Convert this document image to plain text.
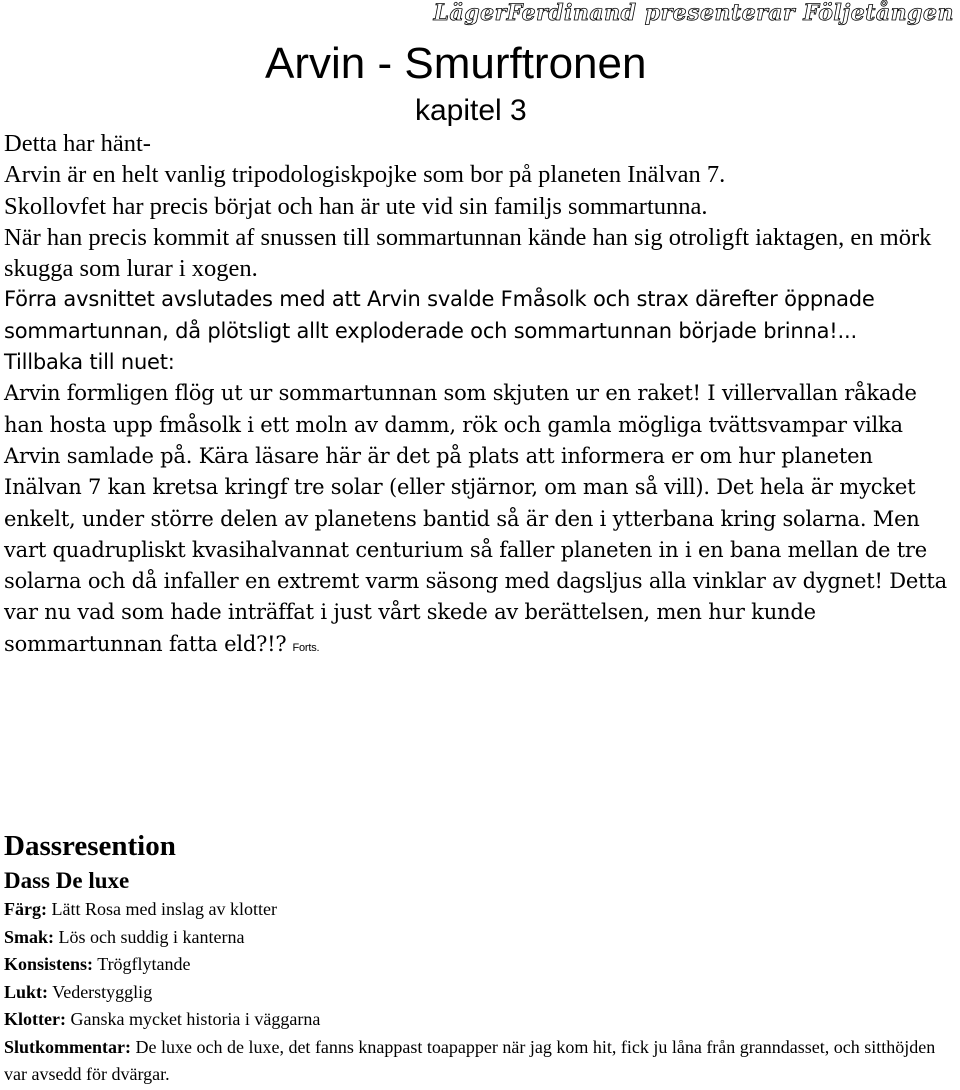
LägerFerdinand presenterar Följetången
Arvin - Smurftronen
kapitel 3

Detta har hänt-

Arvin är en helt vanlig tripodologiskpojke som bor på planeten Inälvan 7.

Skollovfet har precis börjat och han är ute vid sin familjs sommartunna.

När han precis kommit af snussen till sommartunnan kände han sig otroligft iaktagen, en mörk skugga som lurar i xogen.

Förra avsnittet avslutades med att Arvin svalde Fmåsolk och strax därefter öppnade sommartunnan, då plötsligt allt exploderade och sommartunnan började brinna!...

Tillbaka till nuet:

Arvin formligen flög ut ur sommartunnan som skjuten ur en raket! I villervallan råkade han hosta upp fmåsolk i ett moln av damm, rök och gamla mögliga tvättsvampar vilka Arvin samlade på. Kära läsare här är det på plats att informera er om hur planeten Inälvan 7 kan kretsa kringf tre solar (eller stjärnor, om man så vill). Det hela är mycket enkelt, under större delen av planetens bantid så är den i ytterbana kring solarna. Men vart quadrupliskt kvasihalvannat centurium så faller planeten in i en bana mellan de tre solarna och då infaller en extremt varm säsong med dagsljus alla vinklar av dygnet! Detta var nu vad som hade inträffat i just vårt skede av berättelsen, men hur kunde sommartunnan fatta eld?!? Forts.

Dassresention

Dass De luxe

Färg: Lätt Rosa med inslag av klotter

Smak: Lös och suddig i kanterna

Konsistens: Trögflytande

Lukt: Vederstygglig

Klotter: Ganska mycket historia i väggarna

Slutkommentar: De luxe och de luxe, det fanns knappast toapapper när jag kom hit, fick ju låna från granndasset, och sitthöjden var avsedd för dvärgar.
